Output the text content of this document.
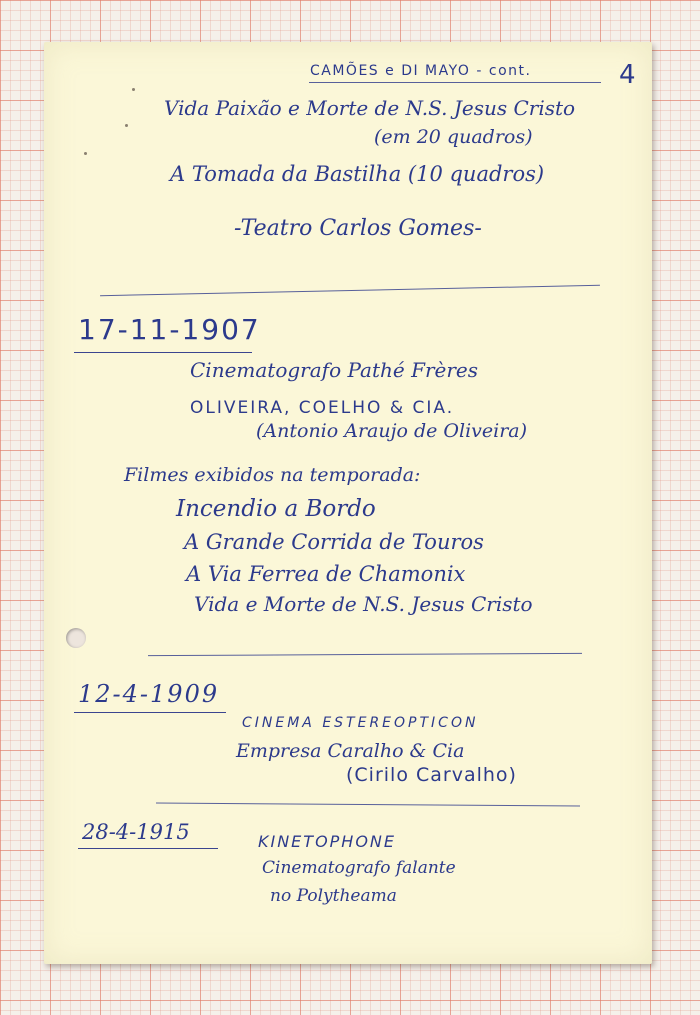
CAMÕES e DI MAYO - cont.	4
Vida Paixão e Morte de N.S. Jesus Cristo
(em 20 quadros)
A Tomada da Bastilha (10 quadros)
-Teatro Carlos Gomes-
17-11-1907
Cinematografo Pathé Frères
OLIVEIRA, COELHO & CIA.
(Antonio Araujo de Oliveira)
Filmes exibidos na temporada:
Incendio a Bordo
A Grande Corrida de Touros
A Via Ferrea de Chamonix
Vida e Morte de N.S. Jesus Cristo
12-4-1909
CINEMA ESTEREOPTICON
Empresa Caralho & Cia
(Cirilo Carvalho)
28-4-1915	KINETOPHONE
Cinematografo falante
no Polytheama
